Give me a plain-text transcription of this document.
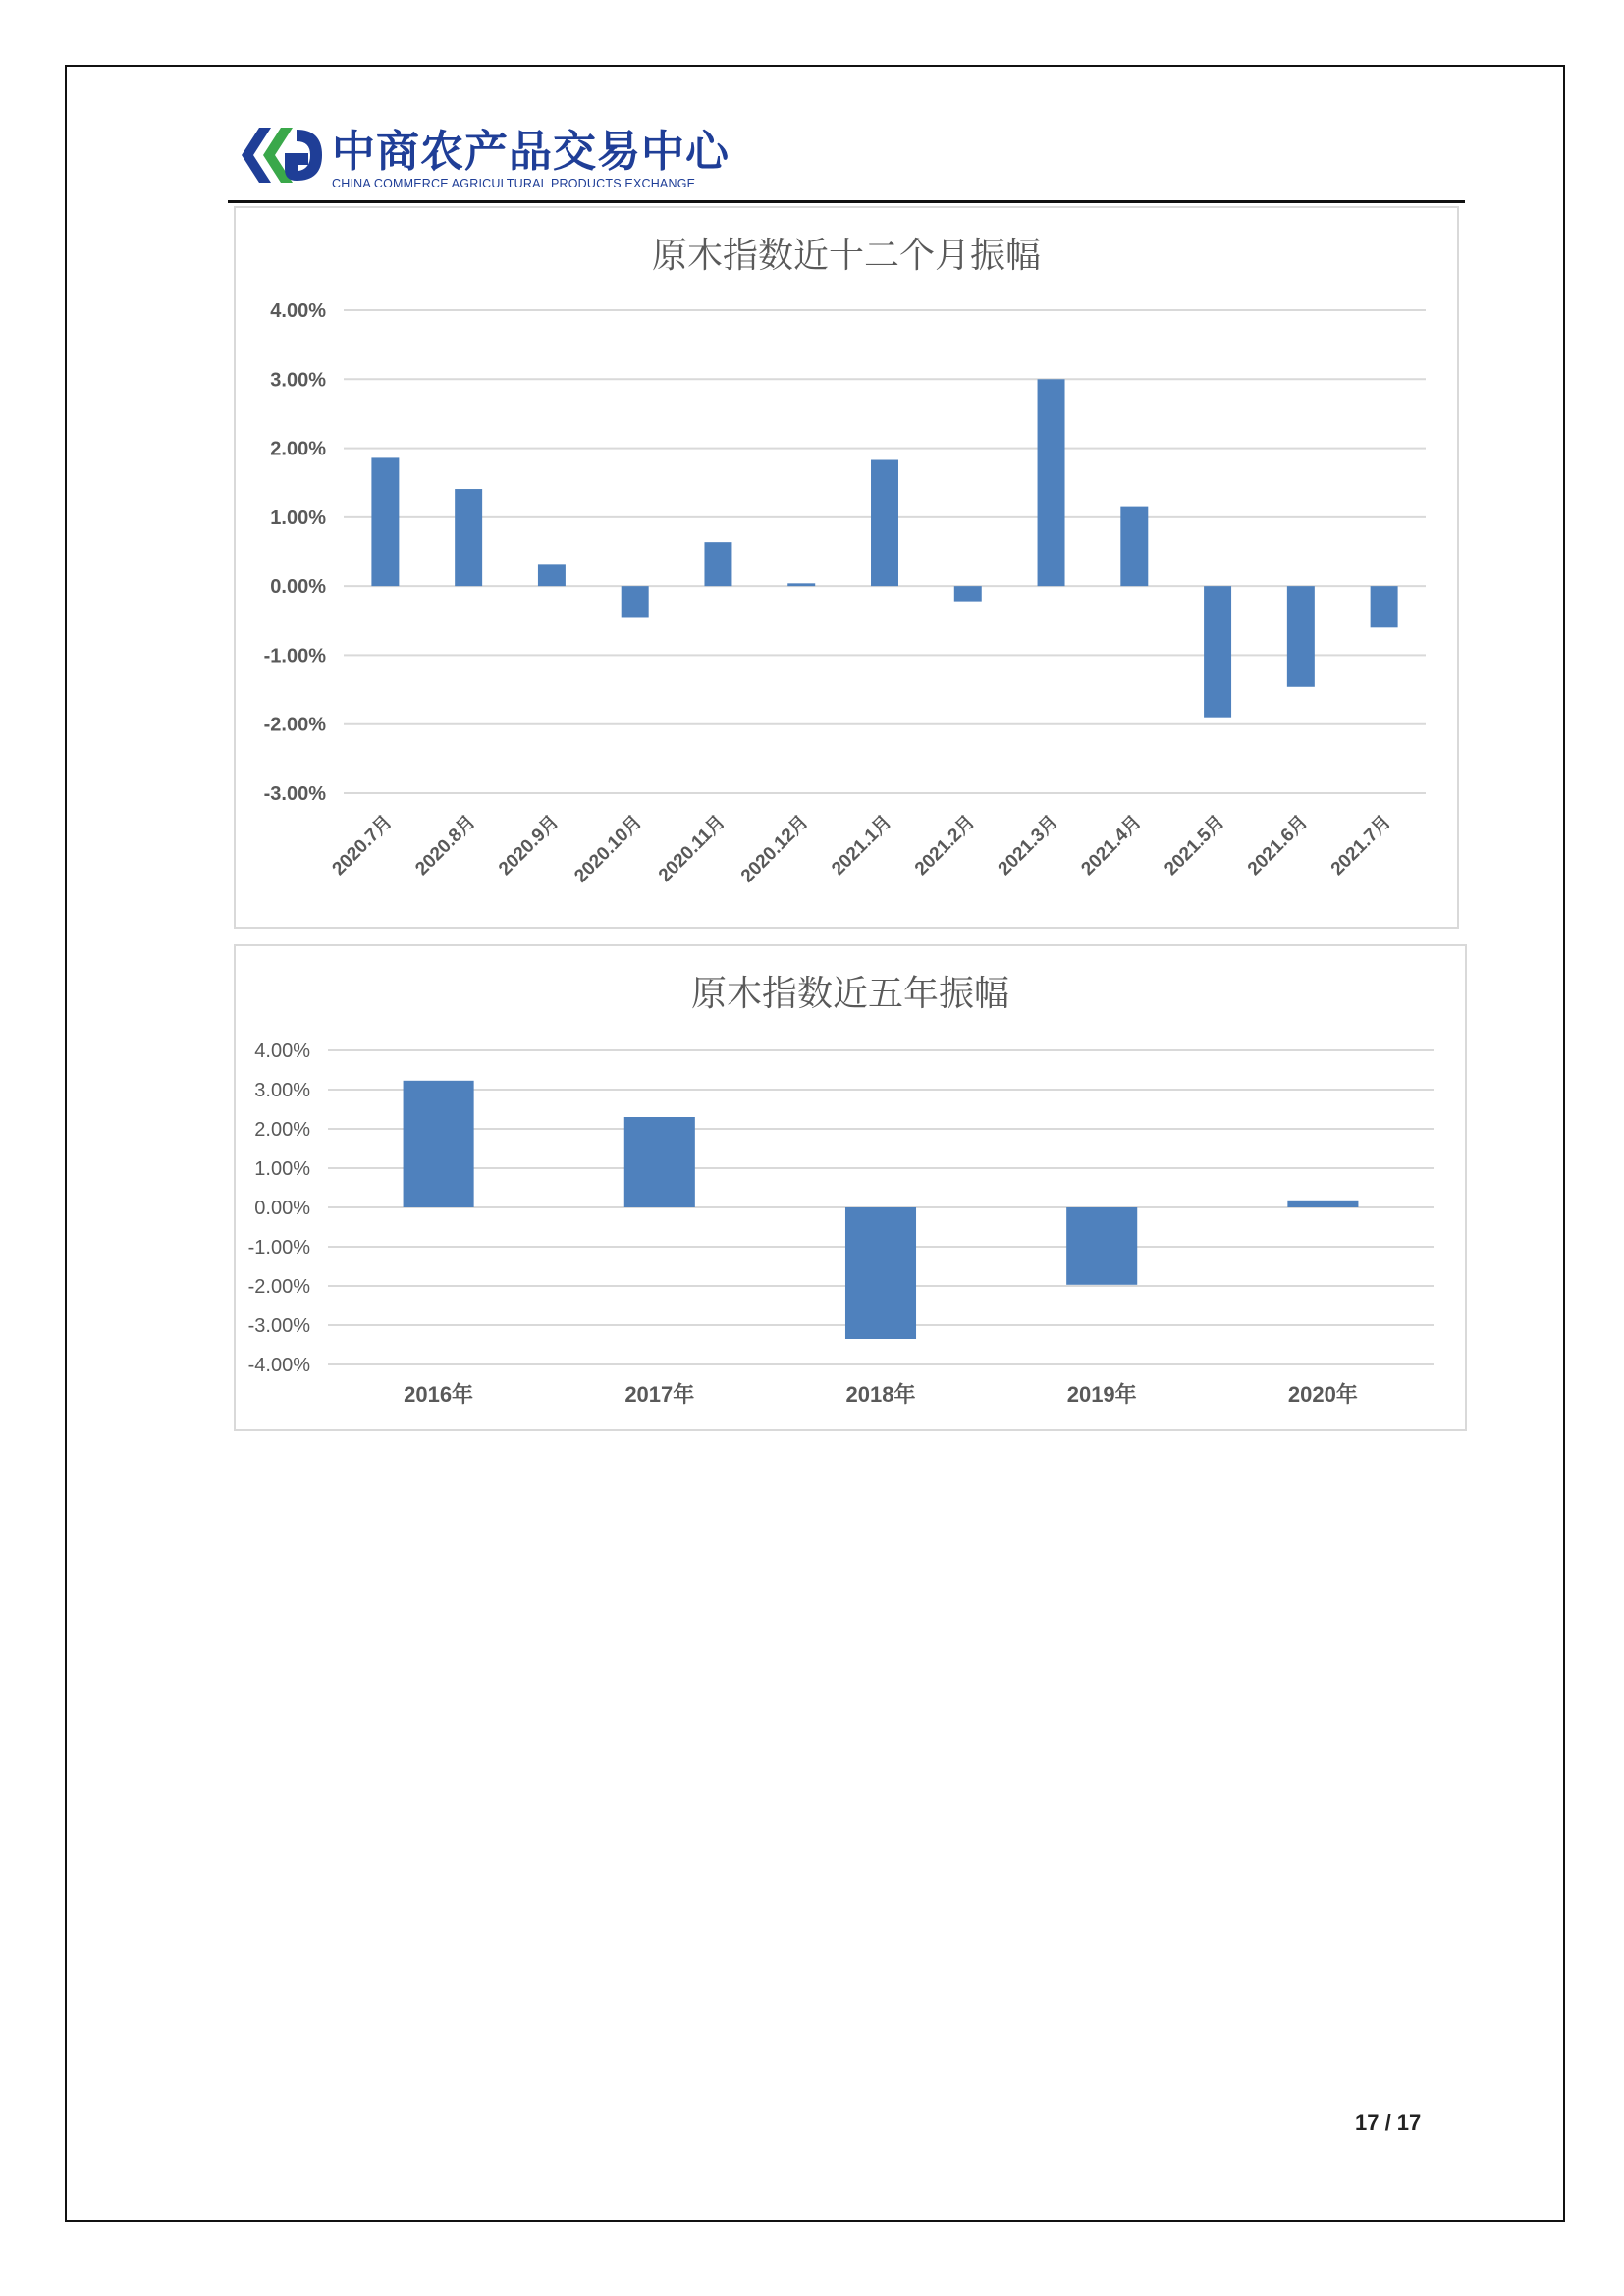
中商农产品交易中心
CHINA COMMERCE AGRICULTURAL PRODUCTS EXCHANGE
原木指数近十二个月振幅
4.00%
3.00%
2.00%
1.00%
0.00%
-1.00%
-2.00%
-3.00%
2020.7月 2020.8月 2020.9月 2020.10月 2020.11月 2020.12月 2021.1月 2021.2月 2021.3月 2021.4月 2021.5月 2021.6月 2021.7月
原木指数近五年振幅
4.00%
3.00%
2.00%
1.00%
0.00%
-1.00%
-2.00%
-3.00%
-4.00%
2016年	2017年	2018年	2019年	2020年
17 / 17
